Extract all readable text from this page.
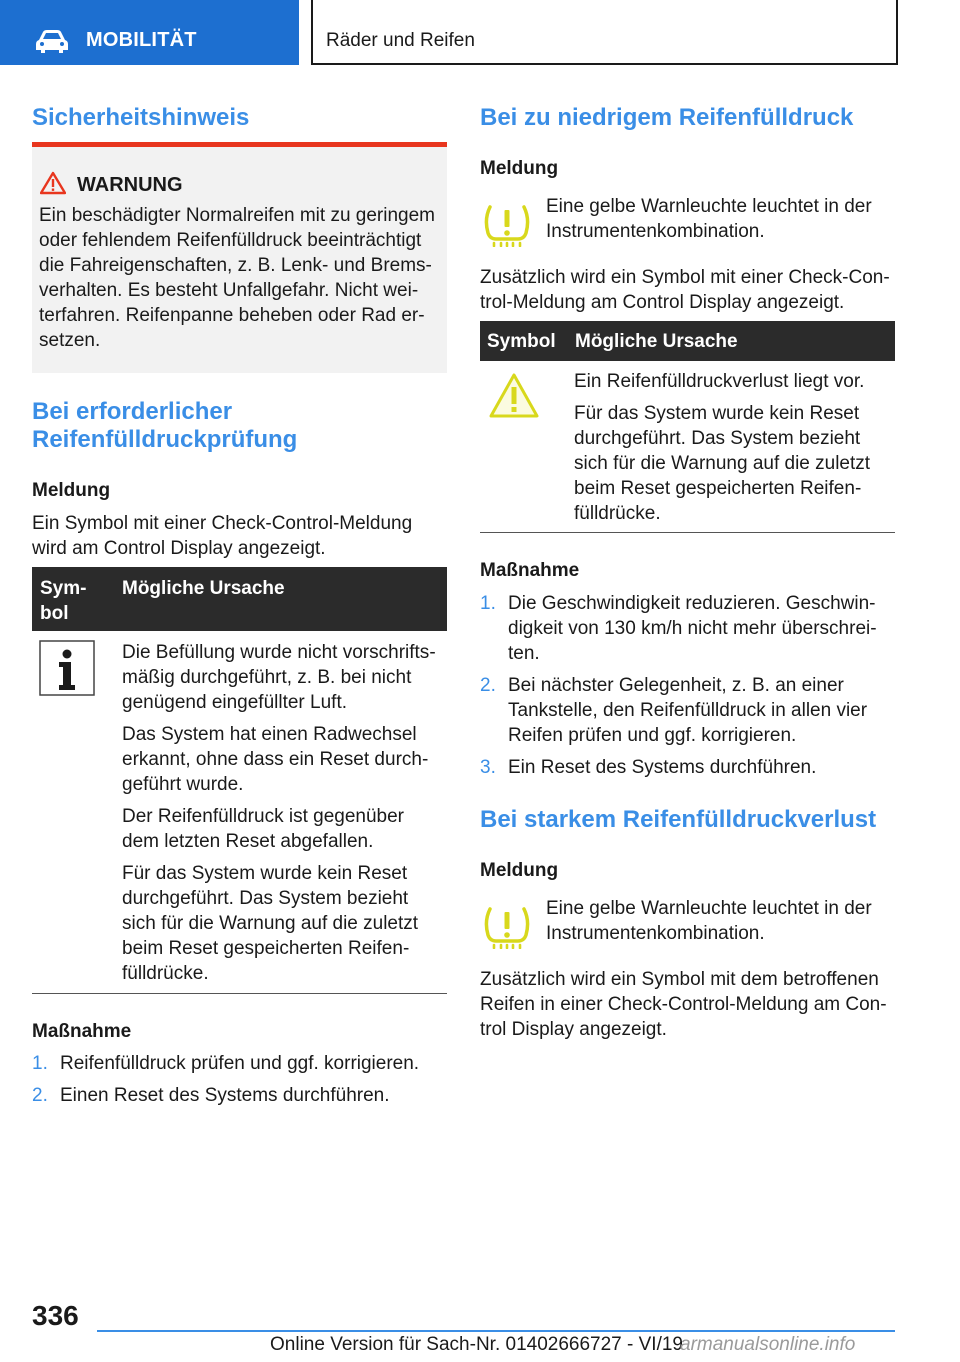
MOBILITÄT	Räder und Reifen
Sicherheitshinweis
WARNUNG
Ein beschädigter Normalreifen mit zu geringem oder fehlendem Reifenfülldruck beeinträchtigt die Fahreigenschaften, z. B. Lenk- und Bremsverhalten. Es besteht Unfallgefahr. Nicht weiterfahren. Reifenpanne beheben oder Rad ersetzen.
Bei erforderlicher
Reifenfülldruckprüfung

Meldung

Ein Symbol mit einer Check-Control-Meldung wird am Control Display angezeigt.

Sym-

bol
Mögliche Ursache

Die Befüllung wurde nicht vorschriftsmäßig durchgeführt, z. B. bei nicht genügend eingefüllter Luft.

Das System hat einen Radwechsel erkannt, ohne dass ein Reset durchgeführt wurde.

Der Reifenfülldruck ist gegenüber dem letzten Reset abgefallen.

Für das System wurde kein Reset durchgeführt. Das System bezieht sich für die Warnung auf die zuletzt beim Reset gespeicherten Reifenfülldrücke.

Maßnahme

1. Reifenfülldruck prüfen und ggf. korrigieren.
2. Einen Reset des Systems durchführen.
Bei zu niedrigem Reifenfülldruck

Meldung

Eine gelbe Warnleuchte leuchtet in der Instrumentenkombination.

Zusätzlich wird ein Symbol mit einer Check-Control-Meldung am Control Display angezeigt.

Symbol Mögliche Ursache

Ein Reifenfülldruckverlust liegt vor.

Für das System wurde kein Reset durchgeführt. Das System bezieht sich für die Warnung auf die zuletzt beim Reset gespeicherten Reifenfülldrücke.

Maßnahme

1. Die Geschwindigkeit reduzieren. Geschwindigkeit von 130 km/h nicht mehr überschreiten.
2. Bei nächster Gelegenheit, z. B. an einer Tankstelle, den Reifenfülldruck in allen vier Reifen prüfen und ggf. korrigieren.
3. Ein Reset des Systems durchführen.
Bei starkem Reifenfülldruckverlust

Meldung

Eine gelbe Warnleuchte leuchtet in der Instrumentenkombination.

Zusätzlich wird ein Symbol mit dem betroffenen Reifen in einer Check-Control-Meldung am Control Display angezeigt.

336
Online Version für Sach-Nr. 01402666727 - VI/19
armanualsonline.info
